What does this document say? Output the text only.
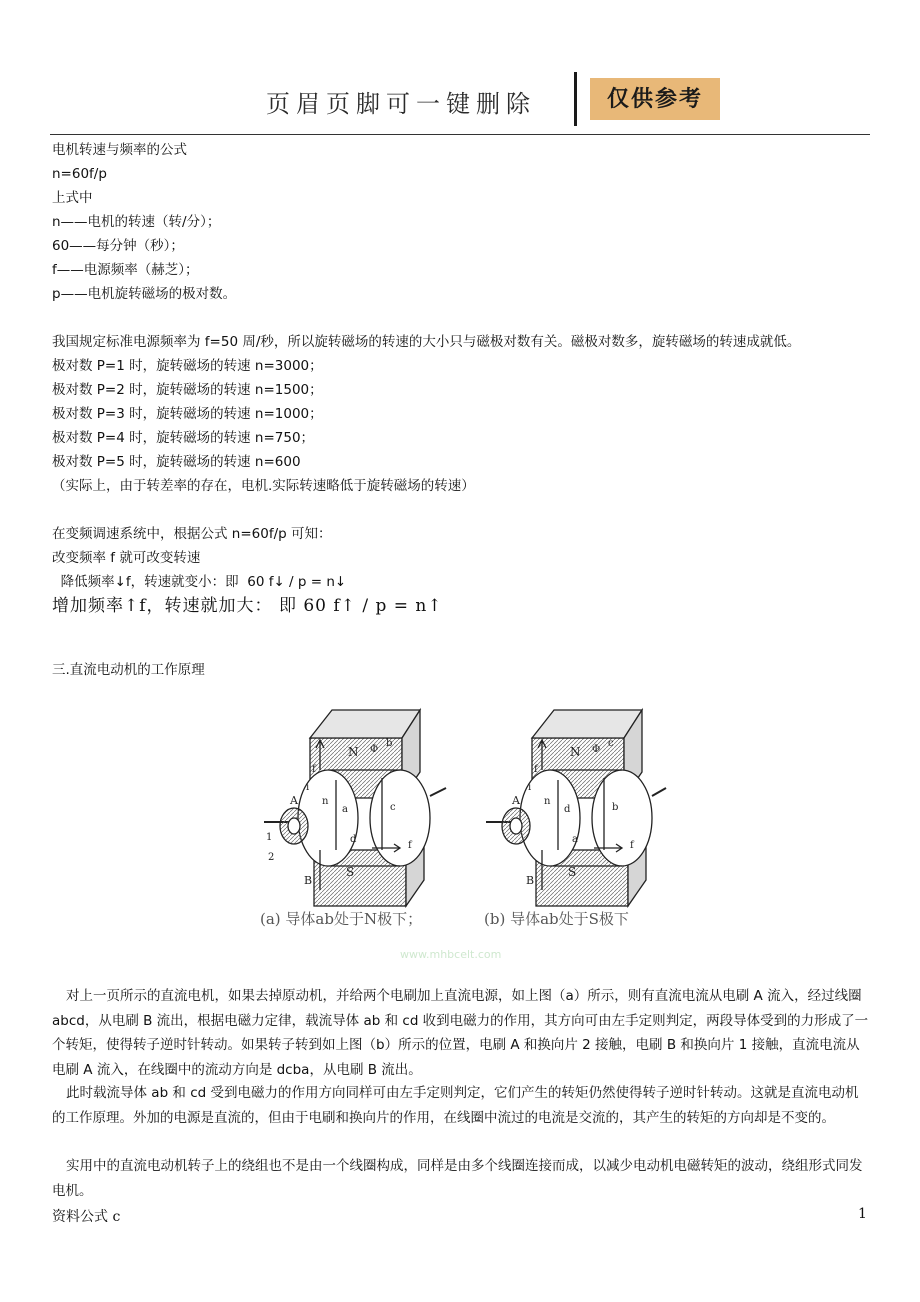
页眉页脚可一键删除	仅供参考
电机转速与频率的公式
n=60f/p
上式中
n——电机的转速（转/分）；
60——每分钟（秒）；
f——电源频率（赫芝）；
p——电机旋转磁场的极对数。
我国规定标准电源频率为 f=50 周/秒，所以旋转磁场的转速的大小只与磁极对数有关。磁极对数多，旋转磁场的转速成就低。
极对数 P=1 时，旋转磁场的转速 n=3000；
极对数 P=2 时，旋转磁场的转速 n=1500；
极对数 P=3 时，旋转磁场的转速 n=1000；
极对数 P=4 时，旋转磁场的转速 n=750；
极对数 P=5 时，旋转磁场的转速 n=600
（实际上，由于转差率的存在，电机.实际转速略低于旋转磁场的转速）
在变频调速系统中，根据公式 n=60f/p 可知：
改变频率 f 就可改变转速
降低频率↓f，转速就变小：即  60 f↓ / p = n↓
增加频率↑f，转速就加大： 即 60 f↑ / p = n↑
三.直流电动机的工作原理
N Φ
b
a	c
d
n
f
f
i
A
B
1
2
S
N Φ
c
d	b
a
n
f
f
i
A
B
S
(a) 导体ab处于N极下；	(b) 导体ab处于S极下
www.mhbcelt.com
对上一页所示的直流电机，如果去掉原动机，并给两个电刷加上直流电源，如上图（a）所示，则有直流电流从电刷 A 流入，经过线圈 abcd，从电刷 B 流出，根据电磁力定律，载流导体 ab 和 cd 收到电磁力的作用，其方向可由左手定则判定，两段导体受到的力形成了一个转矩，使得转子逆时针转动。如果转子转到如上图（b）所示的位置，电刷 A 和换向片 2 接触，电刷 B 和换向片 1 接触，直流电流从电刷 A 流入，在线圈中的流动方向是 dcba，从电刷 B 流出。
此时载流导体 ab 和 cd 受到电磁力的作用方向同样可由左手定则判定，它们产生的转矩仍然使得转子逆时针转动。这就是直流电动机的工作原理。外加的电源是直流的，但由于电刷和换向片的作用，在线圈中流过的电流是交流的，其产生的转矩的方向却是不变的。
实用中的直流电动机转子上的绕组也不是由一个线圈构成，同样是由多个线圈连接而成，以减少电动机电磁转矩的波动，绕组形式同发电机。
资料公式 c	1
